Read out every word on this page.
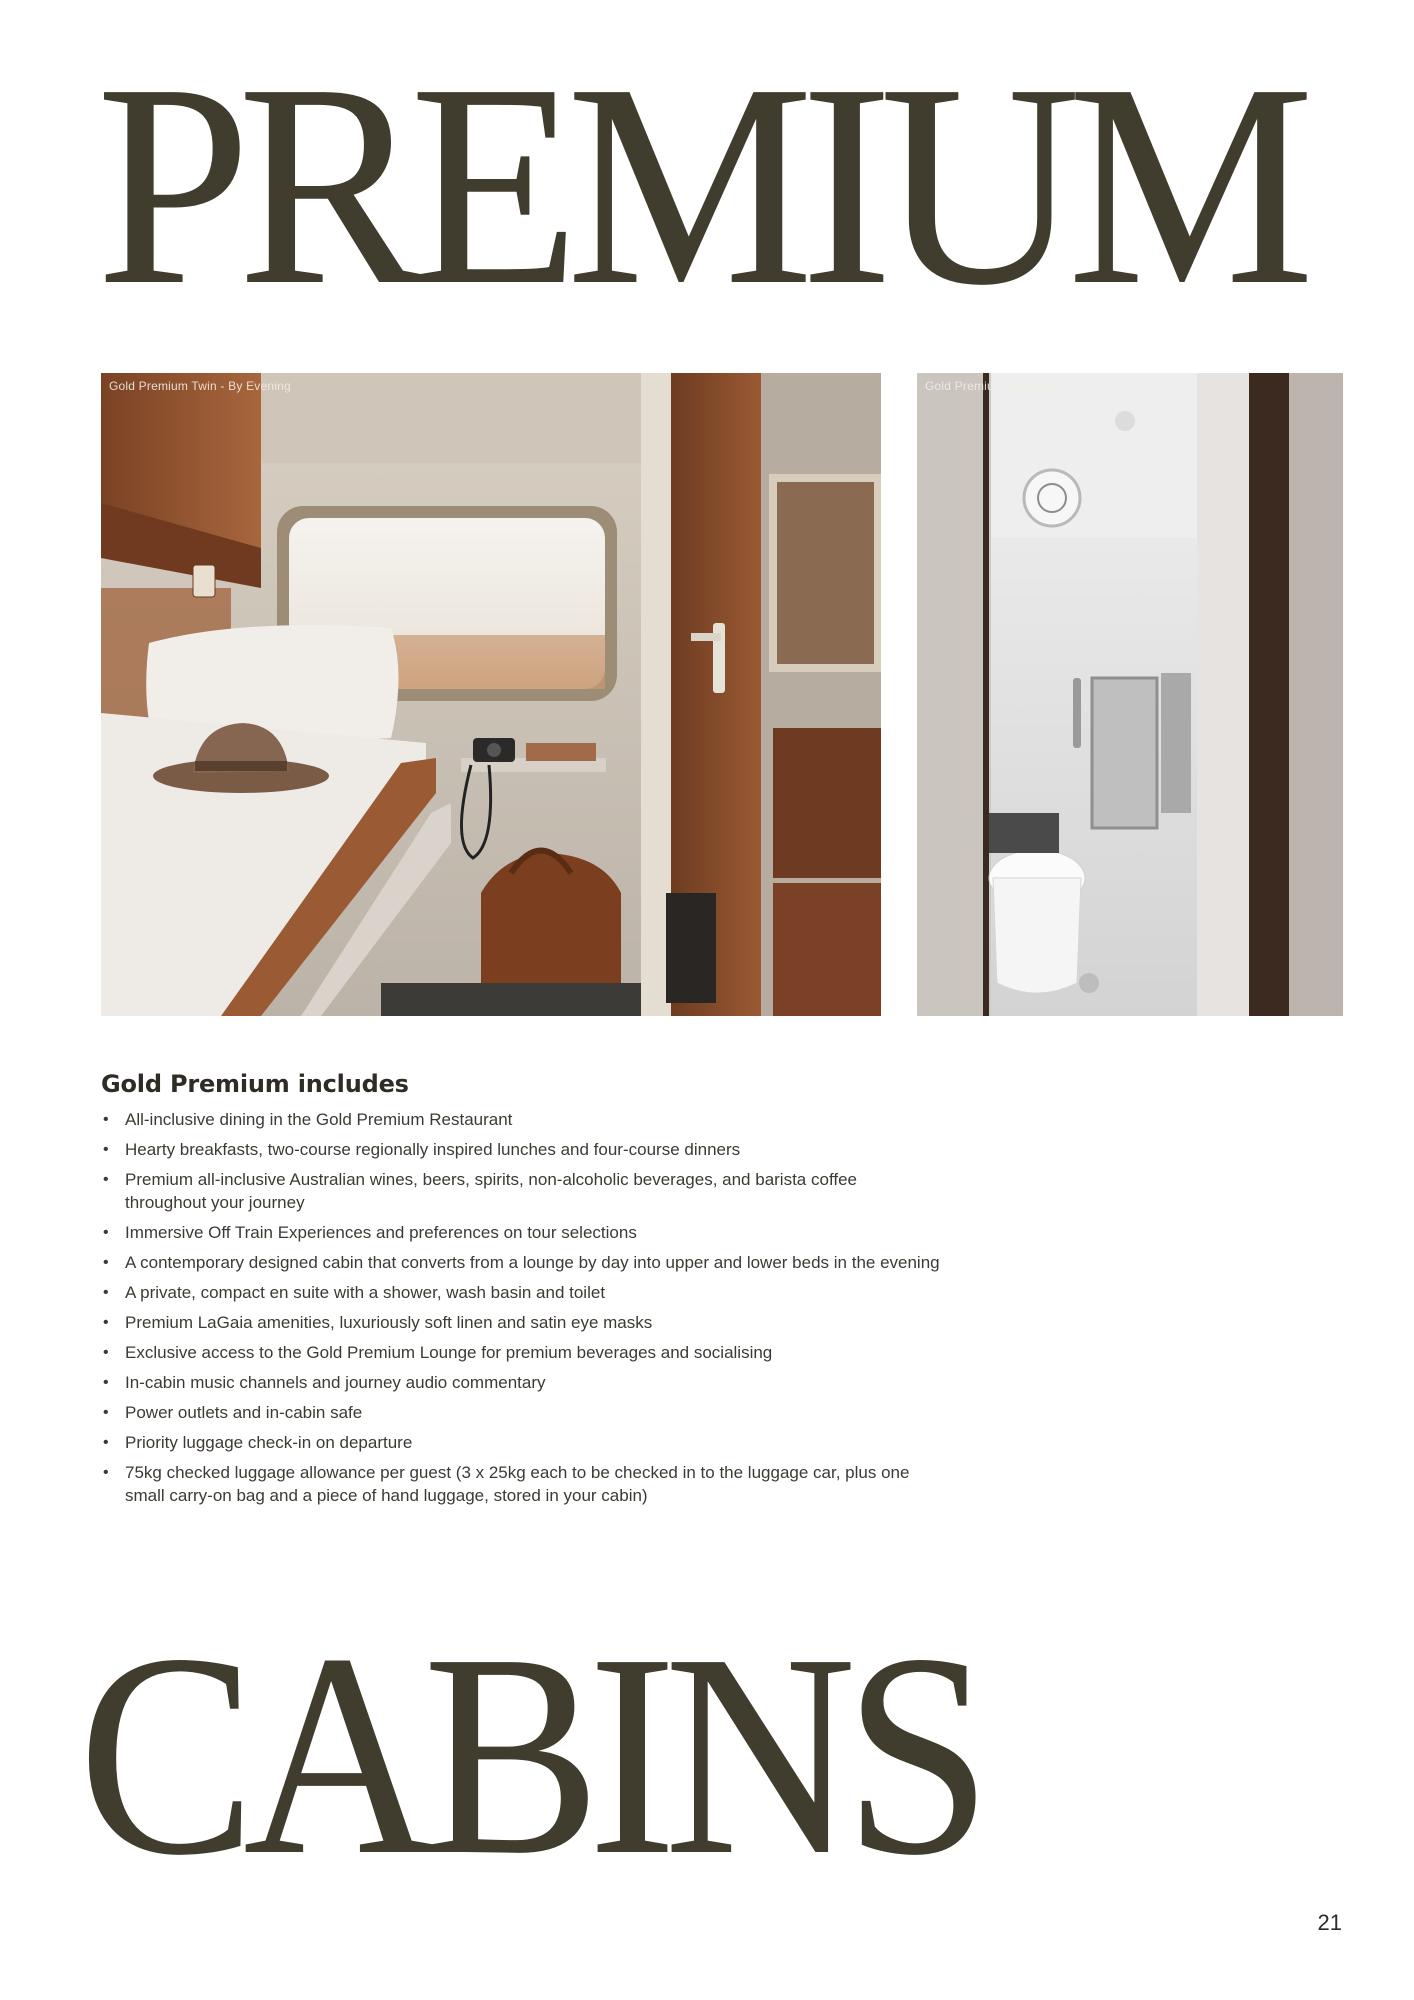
PREMIUM
Gold Premium Twin - By Evening	Gold Premium En Suite
Gold Premium includes
• All-inclusive dining in the Gold Premium Restaurant
• Hearty breakfasts, two-course regionally inspired lunches and four-course dinners
• Premium all-inclusive Australian wines, beers, spirits, non-alcoholic beverages, and barista coffee throughout your journey
• Immersive Off Train Experiences and preferences on tour selections
• A contemporary designed cabin that converts from a lounge by day into upper and lower beds in the evening
• A private, compact en suite with a shower, wash basin and toilet
• Premium LaGaia amenities, luxuriously soft linen and satin eye masks
• Exclusive access to the Gold Premium Lounge for premium beverages and socialising
• In-cabin music channels and journey audio commentary
• Power outlets and in-cabin safe
• Priority luggage check-in on departure
• 75kg checked luggage allowance per guest (3 x 25kg each to be checked in to the luggage car, plus one small carry-on bag and a piece of hand luggage, stored in your cabin)
CABINS
21
